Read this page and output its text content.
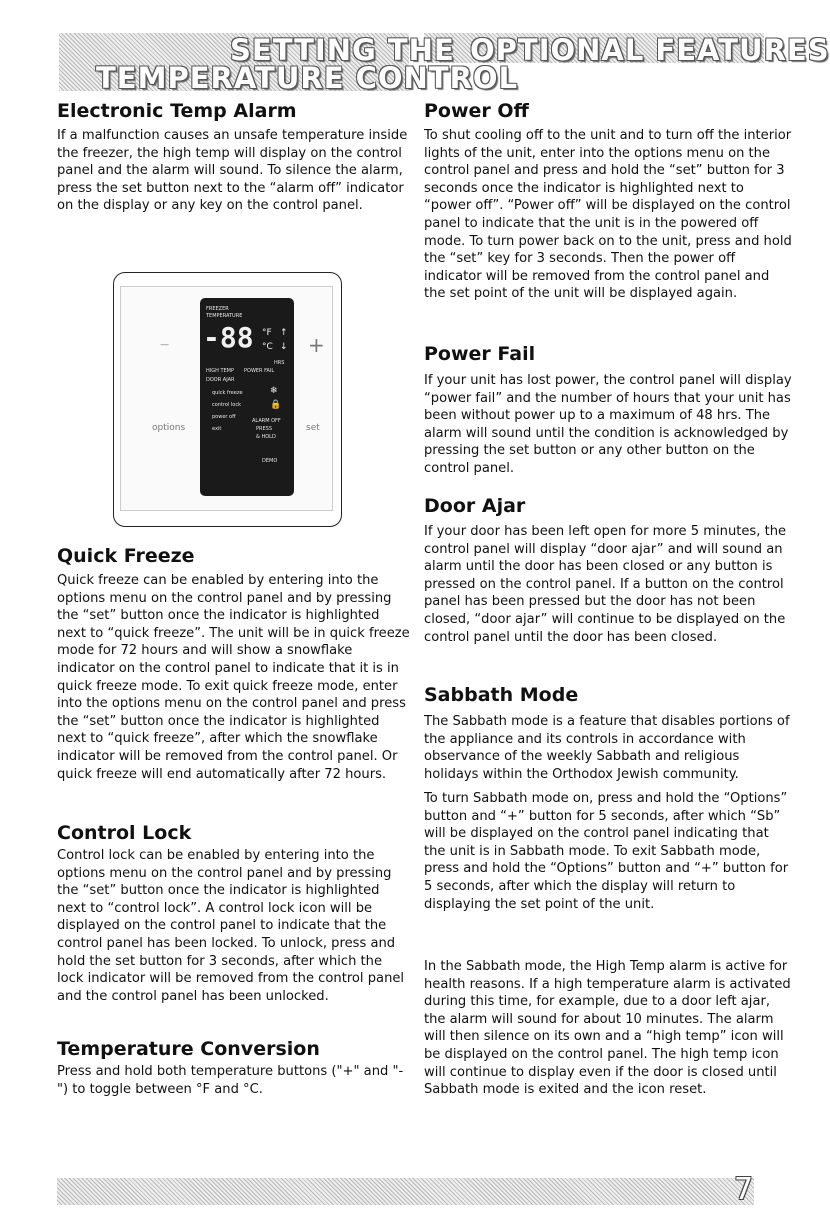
SETTING THE
TEMPERATURE CONTROL
OPTIONAL FEATURES
Electronic Temp Alarm

If a malfunction causes an unsafe temperature inside the freezer, the high temp will display on the control panel and the alarm will sound. To silence the alarm, press the set button next to the “alarm off” indicator on the display or any key on the control panel.

—	+
options	set
FREEZER
TEMPERATURE
-88 °F ↑
°C ↓
HRS
HIGH TEMP POWER FAIL
DOOR AJAR
quick freeze	❄
control lock	🔒
power off
ALARM OFF
exit	PRESS
& HOLD
DEMO
Quick Freeze

Quick freeze can be enabled by entering into the options menu on the control panel and by pressing the “set” button once the indicator is highlighted next to “quick freeze”. The unit will be in quick freeze mode for 72 hours and will show a snowflake indicator on the control panel to indicate that it is in quick freeze mode. To exit quick freeze mode, enter into the options menu on the control panel and press the “set” button once the indicator is highlighted next to “quick freeze”, after which the snowflake indicator will be removed from the control panel. Or quick freeze will end automatically after 72 hours.

Control Lock

Control lock can be enabled by entering into the options menu on the control panel and by pressing the “set” button once the indicator is highlighted next to “control lock”. A control lock icon will be displayed on the control panel to indicate that the control panel has been locked. To unlock, press and hold the set button for 3 seconds, after which the lock indicator will be removed from the control panel and the control panel has been unlocked.

Temperature Conversion

Press and hold both temperature buttons ("+" and "-") to toggle between °F and °C.

Power Off

To shut cooling off to the unit and to turn off the interior lights of the unit, enter into the options menu on the control panel and press and hold the “set” button for 3 seconds once the indicator is highlighted next to “power off”. “Power off” will be displayed on the control panel to indicate that the unit is in the powered off mode. To turn power back on to the unit, press and hold the “set” key for 3 seconds. Then the power off indicator will be removed from the control panel and the set point of the unit will be displayed again.

Power Fail

If your unit has lost power, the control panel will display “power fail” and the number of hours that your unit has been without power up to a maximum of 48 hrs. The alarm will sound until the condition is acknowledged by pressing the set button or any other button on the control panel.

Door Ajar

If your door has been left open for more 5 minutes, the control panel will display “door ajar” and will sound an alarm until the door has been closed or any button is pressed on the control panel. If a button on the control panel has been pressed but the door has not been closed, “door ajar” will continue to be displayed on the control panel until the door has been closed.

Sabbath Mode

The Sabbath mode is a feature that disables portions of the appliance and its controls in accordance with observance of the weekly Sabbath and religious holidays within the Orthodox Jewish community.

To turn Sabbath mode on, press and hold the “Options” button and “+” button for 5 seconds, after which “Sb” will be displayed on the control panel indicating that the unit is in Sabbath mode. To exit Sabbath mode, press and hold the “Options” button and “+” button for 5 seconds, after which the display will return to displaying the set point of the unit.

In the Sabbath mode, the High Temp alarm is active for health reasons. If a high temperature alarm is activated during this time, for example, due to a door left ajar, the alarm will sound for about 10 minutes. The alarm will then silence on its own and a “high temp” icon will be displayed on the control panel. The high temp icon will continue to display even if the door is closed until Sabbath mode is exited and the icon reset.

7
